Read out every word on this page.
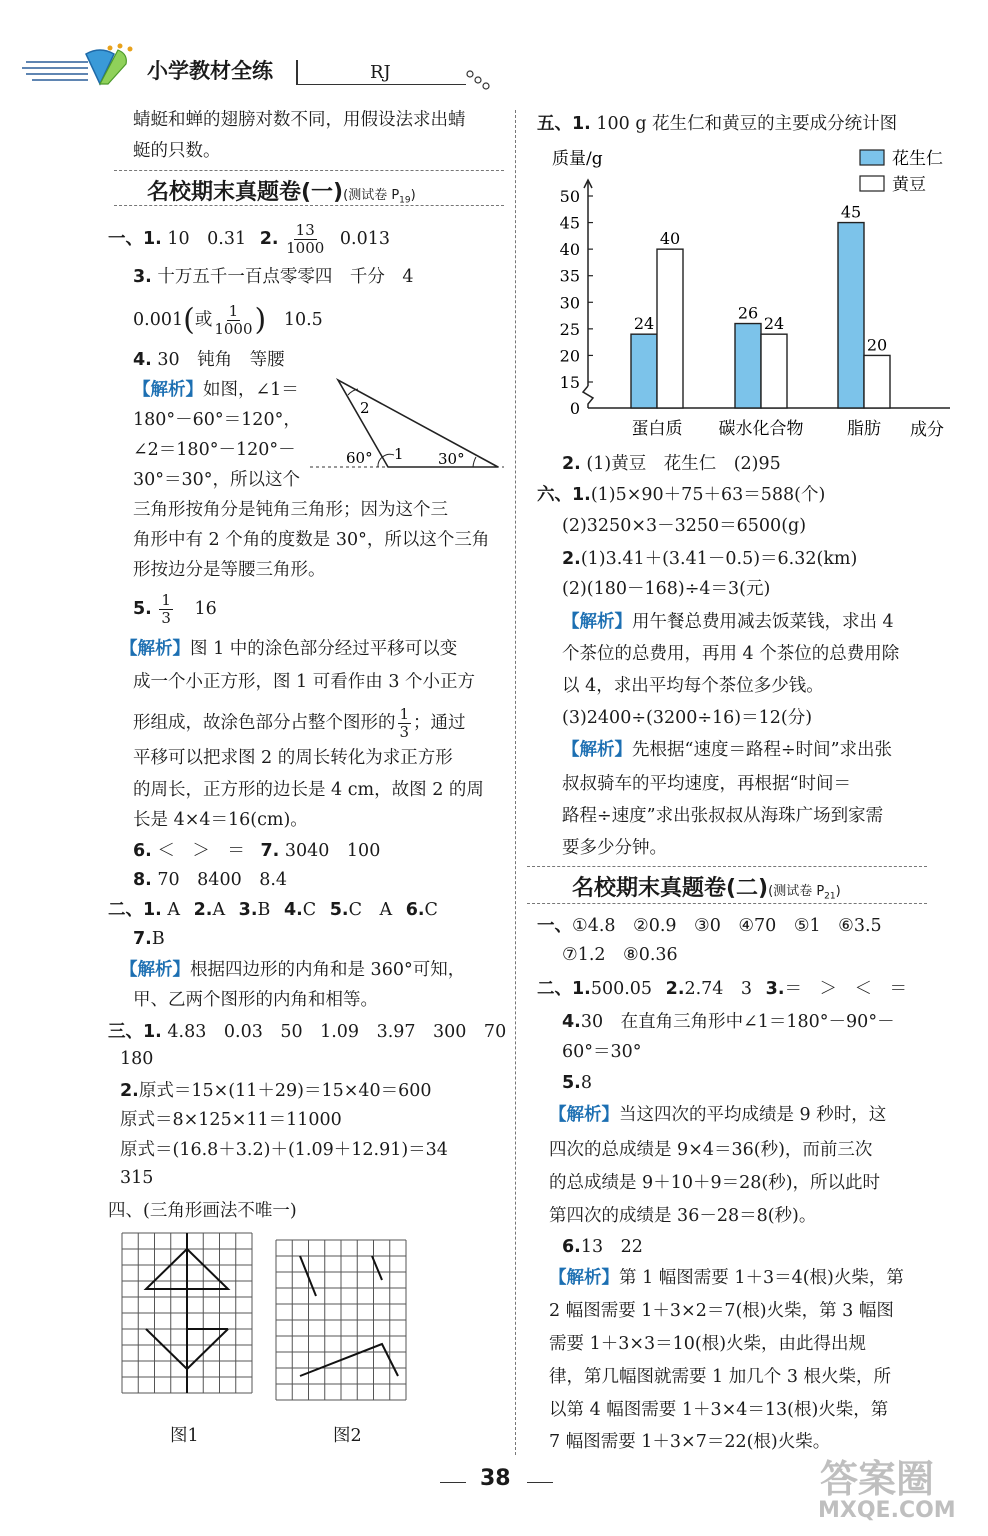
小学教材全练	RJ
蜻蜓和蝉的翅膀对数不同，用假设法求出蜻
蜓的只数。
名校期末真题卷(一)(测试卷 $P_{19}$)
一、1. 10　0.31 2. $\frac{13}{1000} 0.013$
3. 十万五千一百点零零四　千分　4
0.001(或 $\frac{1}{1000}$ ) 10.5
4. 30　钝角　等腰
【解析】如图，∠1＝
180°－60°＝120°，
∠2＝180°－120°－
30°＝30°，所以这个
三角形按角分是钝角三角形；因为这个三
角形中有 2 个角的度数是 30°，所以这个三角
形按边分是等腰三角形。
2
1
60°	30°
5. $\frac{1}{3} 16$
【解析】图 1 中的涂色部分经过平移可以变
成一个小正方形，图 1 可看作由 3 个小正方
形组成，故涂色部分占整个图形的 $\frac{1}{3}$ ；通过
平移可以把求图 2 的周长转化为求正方形
的周长，正方形的边长是 4 cm，故图 2 的周
长是 4×4＝16(cm)。
6. ＜　＞　＝ 7. 3040　100
8. 70　8400　8.4
二、1. A 2.A 3.B 4.C 5.C　A 6.C
7.B
【解析】根据四边形的内角和是 360°可知，
甲、乙两个图形的内角和相等。
三、1. 4.83　0.03　50　1.09　3.97　300　70
180
2.原式＝15×(11＋29)＝15×40＝600
原式＝8×125×11＝11000
原式＝(16.8＋3.2)＋(1.09＋12.91)＝34
315
四、(三角形画法不唯一)
图1	图2
五、1. 100 g 花生仁和黄豆的主要成分统计图
质量/g	花生仁
黄豆
0
15
20
25
30
35
40
45
50
24
40
26
24
45
20
蛋白质 碳水化合物	脂肪 成分
2. (1)黄豆　花生仁　(2)95
六、1.(1)5×90＋75＋63＝588(个)
(2)3250×3－3250＝6500(g)
2.(1)3.41＋(3.41－0.5)＝6.32(km)
(2)(180－168)÷4＝3(元)
【解析】用午餐总费用减去饭菜钱，求出 4
个茶位的总费用，再用 4 个茶位的总费用除
以 4，求出平均每个茶位多少钱。
(3)2400÷(3200÷16)＝12(分)
【解析】先根据“速度＝路程÷时间”求出张
叔叔骑车的平均速度，再根据“时间＝
路程÷速度”求出张叔叔从海珠广场到家需
要多少分钟。
名校期末真题卷(二)(测试卷 $P_{21}$)
一、①4.8　②0.9　③0　④70　⑤1　⑥3.5
⑦1.2　⑧0.36
二、1.500.05 2.2.74　3 3.＝　＞　＜　＝
4.30　在直角三角形中∠1＝180°－90°－
60°＝30°
5.8
【解析】当这四次的平均成绩是 9 秒时，这
四次的总成绩是 9×4＝36(秒)，而前三次
的总成绩是 9＋10＋9＝28(秒)，所以此时
第四次的成绩是 36－28＝8(秒)。
6.13　22
【解析】第 1 幅图需要 1＋3＝4(根)火柴，第
2 幅图需要 1＋3×2＝7(根)火柴，第 3 幅图
需要 1＋3×3＝10(根)火柴，由此得出规
律，第几幅图就需要 1 加几个 3 根火柴，所
以第 4 幅图需要 1＋3×4＝13(根)火柴，第
7 幅图需要 1＋3×7＝22(根)火柴。
38	答案圈
MXQE.COM
